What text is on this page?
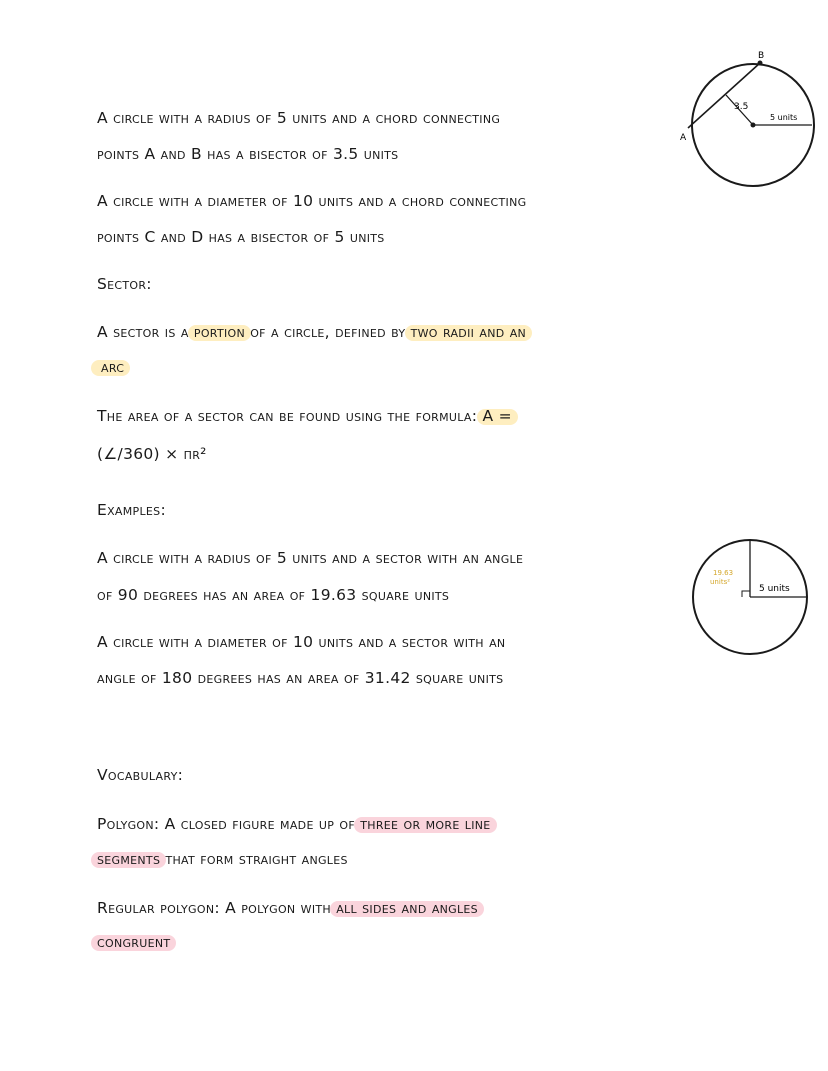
B
A
3.5
5 units
19.63
units²
5 units
A circle with a radius of 5 units and a chord connecting
points A and B has a bisector of 3.5 units
A circle with a diameter of 10 units and a chord connecting
points C and D has a bisector of 5 units
Sector:
A sector is a portion of a circle, defined by two radii and an
arc
The area of a sector can be found using the formula: A =
(∠/360) × πr²
Examples:
A circle with a radius of 5 units and a sector with an angle
of 90 degrees has an area of 19.63 square units
A circle with a diameter of 10 units and a sector with an
angle of 180 degrees has an area of 31.42 square units
Vocabulary:
Polygon: A closed figure made up of three or more line
segments that form straight angles
Regular polygon: A polygon with all sides and angles
congruent
